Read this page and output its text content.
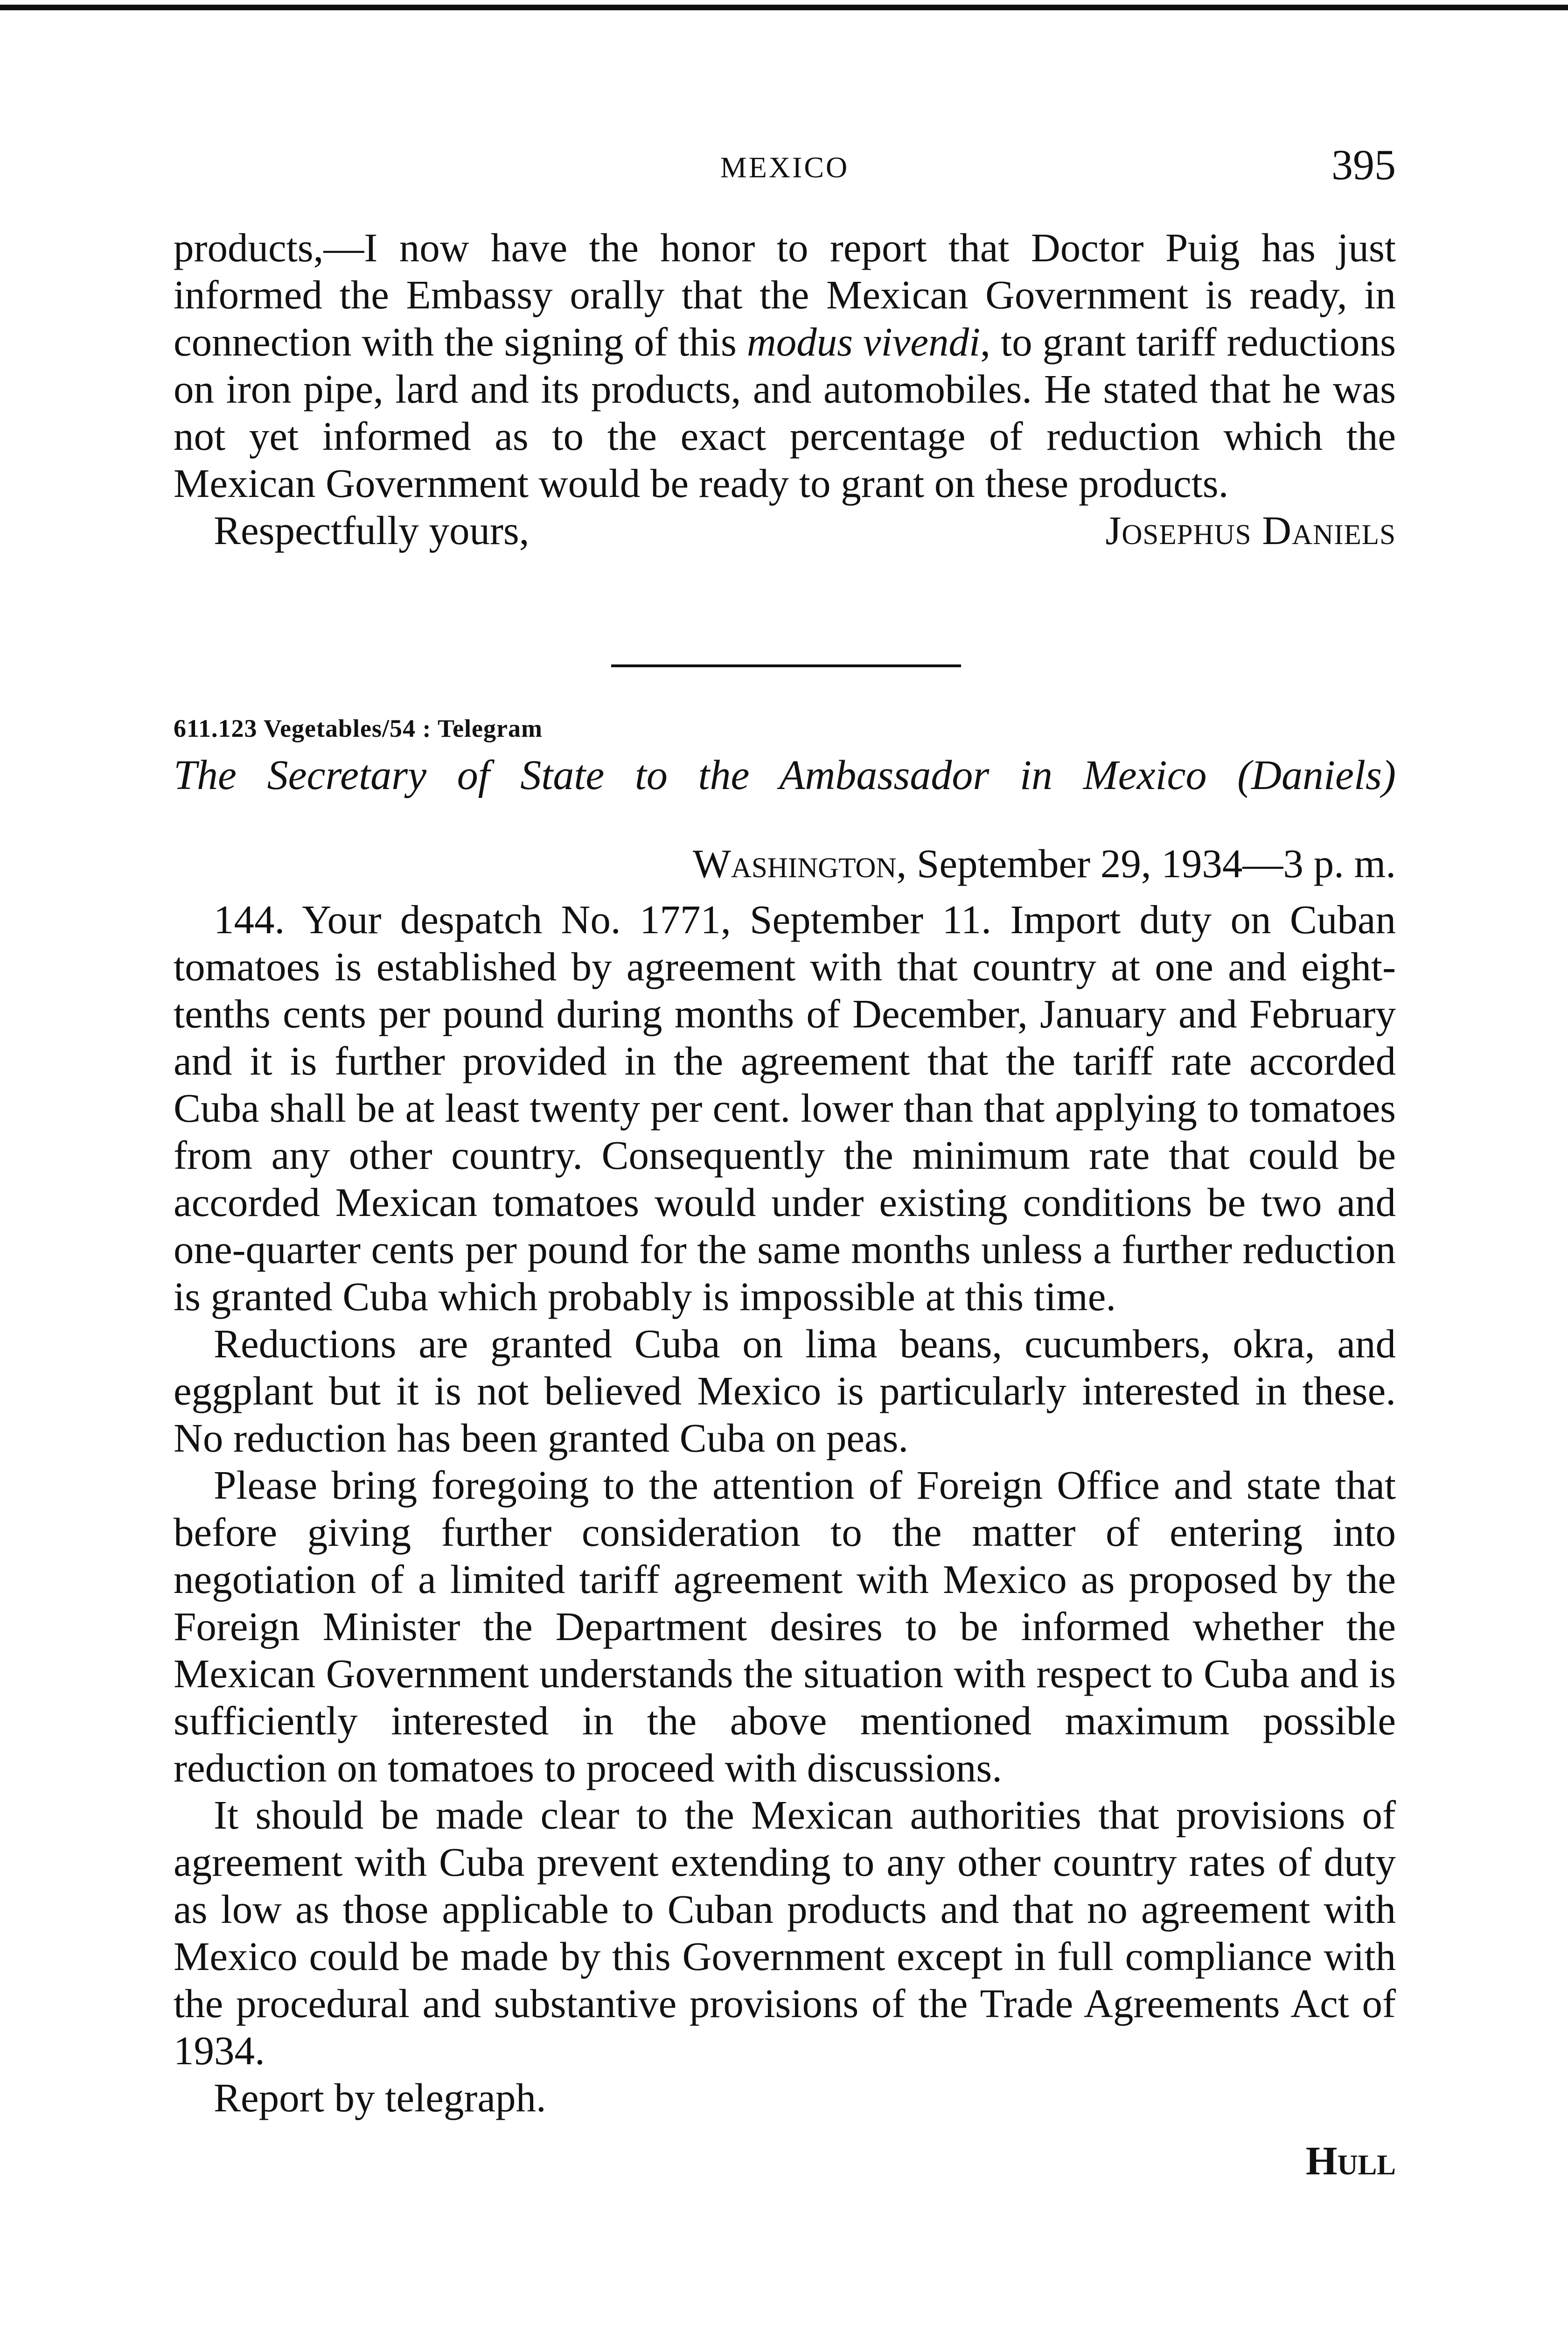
MEXICO	395

products,—I now have the honor to report that Doctor Puig has just informed the Embassy orally that the Mexican Government is ready, in connection with the signing of this modus vivendi, to grant tariff reductions on iron pipe, lard and its products, and automobiles. He stated that he was not yet informed as to the exact percentage of reduction which the Mexican Government would be ready to grant on these products.

Respectfully yours,	Josephus Daniels
611.123 Vegetables/54 : Telegram
The Secretary of State to the Ambassador in Mexico (Daniels)
Washington, September 29, 1934—3 p. m.

144. Your despatch No. 1771, September 11. Import duty on Cuban tomatoes is established by agreement with that country at one and eight-tenths cents per pound during months of December, January and February and it is further provided in the agreement that the tariff rate accorded Cuba shall be at least twenty per cent. lower than that applying to tomatoes from any other country. Consequently the minimum rate that could be accorded Mexican tomatoes would under existing conditions be two and one-quarter cents per pound for the same months unless a further reduction is granted Cuba which probably is impossible at this time.

Reductions are granted Cuba on lima beans, cucumbers, okra, and eggplant but it is not believed Mexico is particularly interested in these. No reduction has been granted Cuba on peas.

Please bring foregoing to the attention of Foreign Office and state that before giving further consideration to the matter of entering into negotiation of a limited tariff agreement with Mexico as proposed by the Foreign Minister the Department desires to be informed whether the Mexican Government understands the situation with respect to Cuba and is sufficiently interested in the above mentioned maximum possible reduction on tomatoes to proceed with discussions.

It should be made clear to the Mexican authorities that provisions of agreement with Cuba prevent extending to any other country rates of duty as low as those applicable to Cuban products and that no agreement with Mexico could be made by this Government except in full compliance with the procedural and substantive provisions of the Trade Agreements Act of 1934.

Report by telegraph.

Hull
